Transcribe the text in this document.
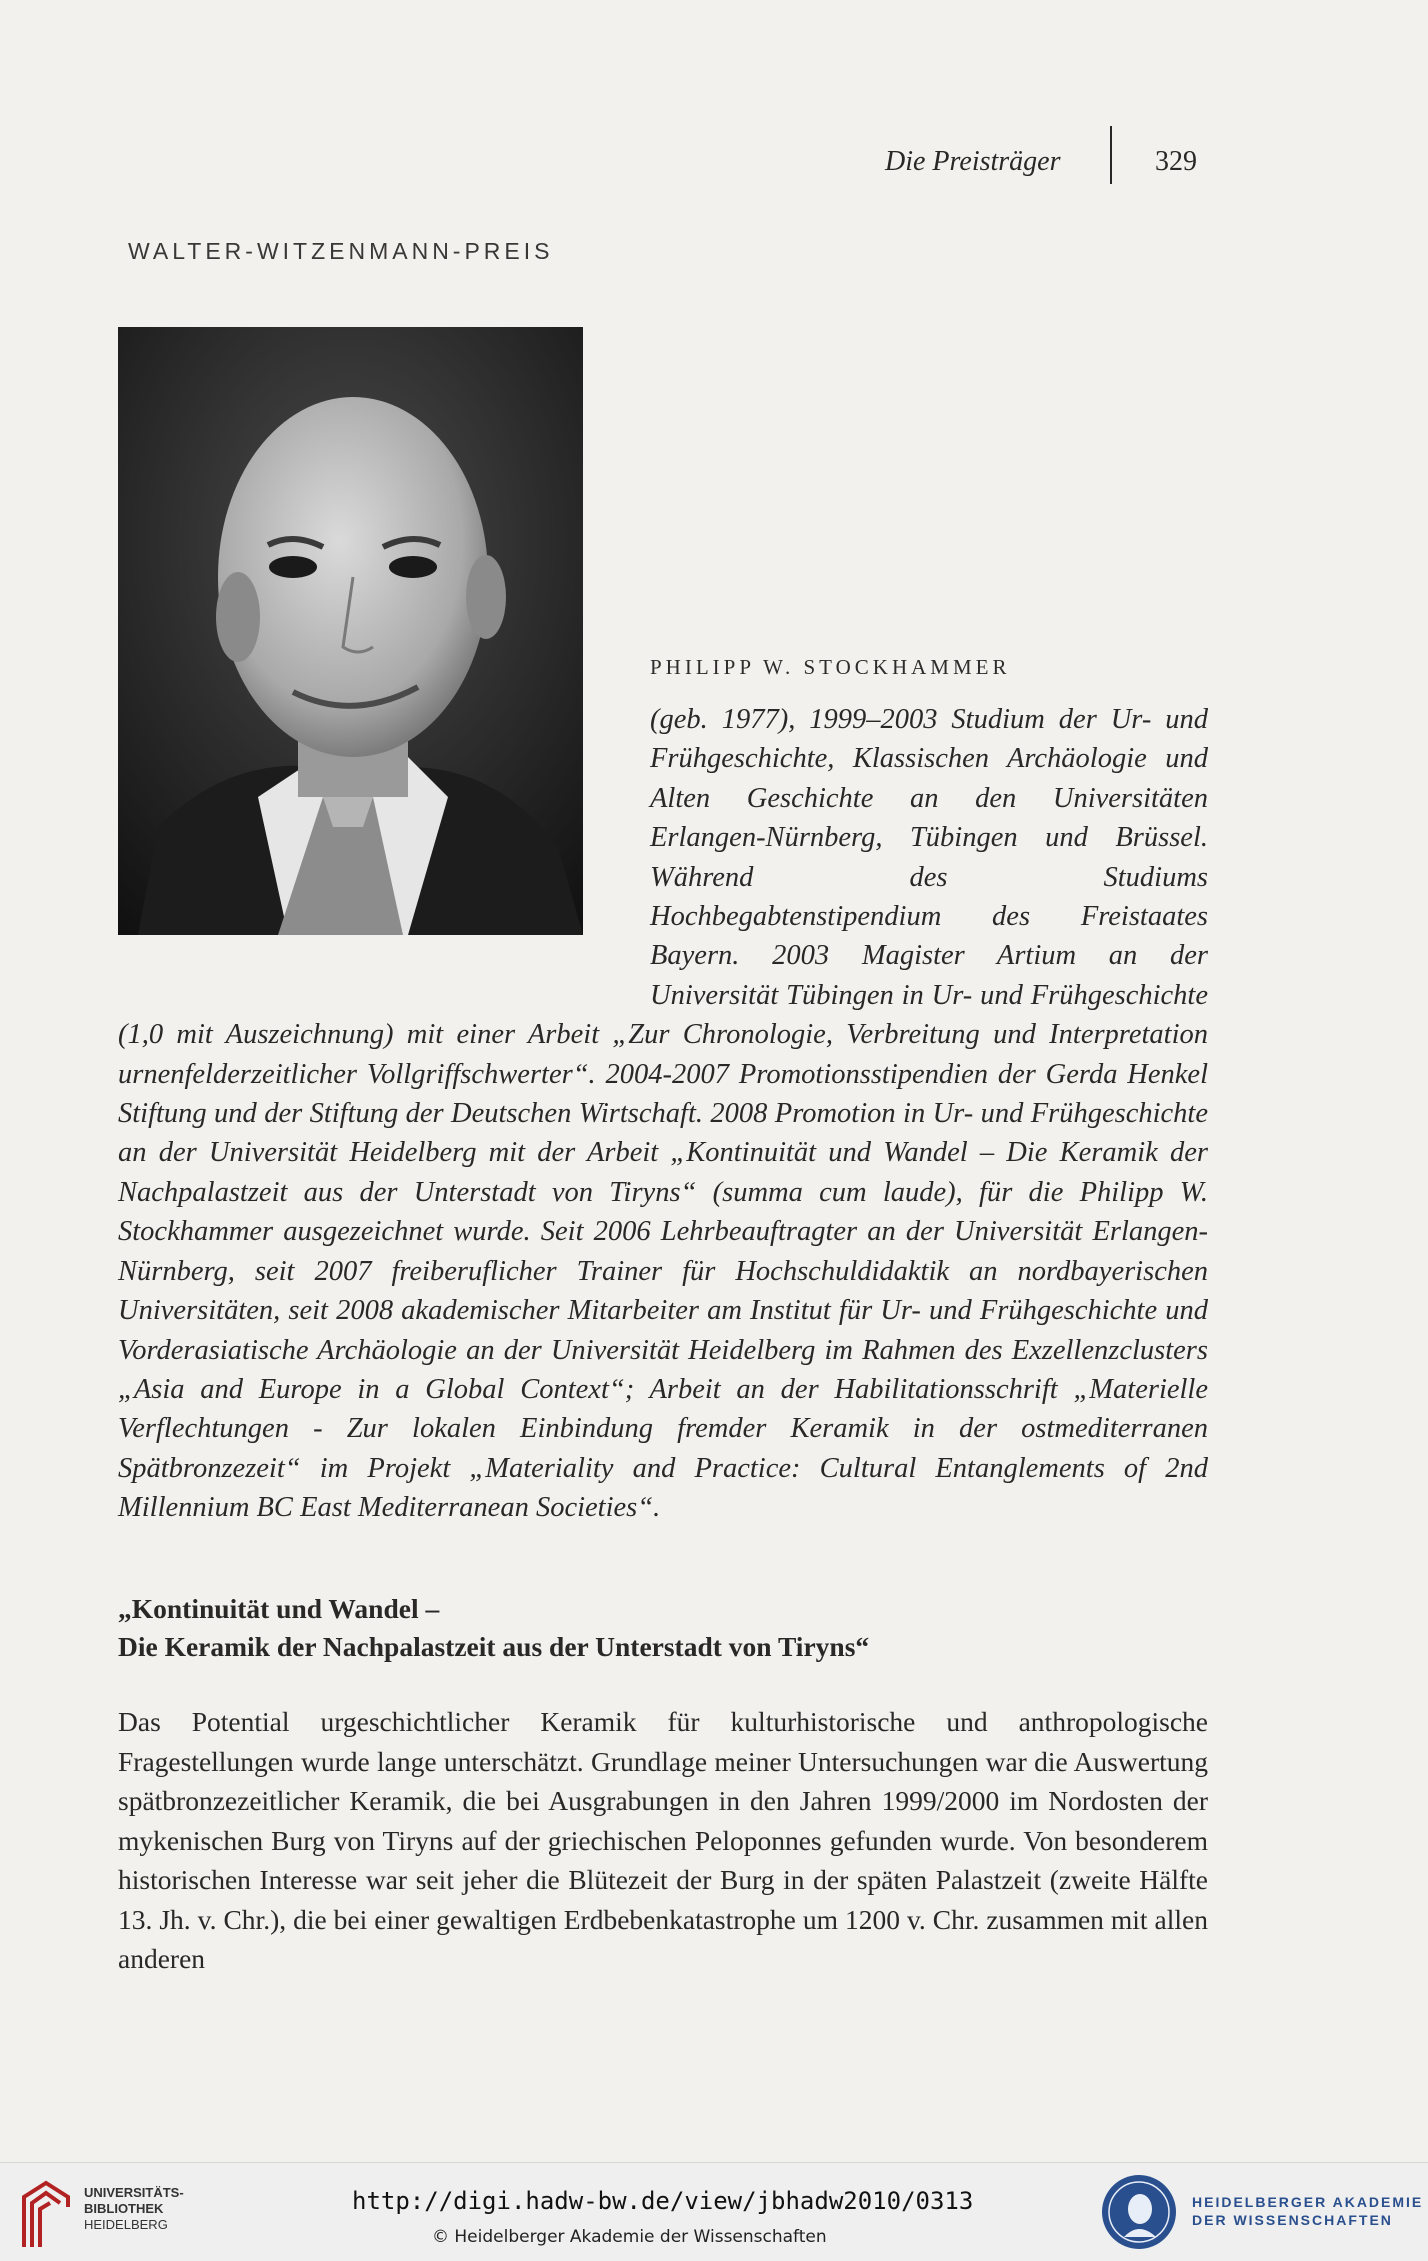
Die Preisträger	329
WALTER-WITZENMANN-PREIS
PHILIPP W. STOCKHAMMER

(geb. 1977), 1999–2003 Studium der Ur- und Frühgeschichte, Klassischen Archäologie und Alten Geschichte an den Universitäten Erlangen-Nürnberg, Tübingen und Brüssel. Während des Studiums Hochbegabtenstipendium des Freistaates Bayern. 2003 Magister Artium an der Universität Tübingen in Ur- und Frühgeschichte (1,0 mit Auszeichnung) mit einer Arbeit „Zur Chronologie, Verbreitung und Interpretation urnenfelderzeitlicher Vollgriffschwerter“. 2004-2007 Promotionsstipendien der Gerda Henkel Stiftung und der Stiftung der Deutschen Wirtschaft. 2008 Promotion in Ur- und Frühgeschichte an der Universität Heidelberg mit der Arbeit „Kontinuität und Wandel – Die Keramik der Nachpalastzeit aus der Unterstadt von Tiryns“ (summa cum laude), für die Philipp W. Stockhammer ausgezeichnet wurde. Seit 2006 Lehrbeauftragter an der Universität Erlangen-Nürnberg, seit 2007 freiberuflicher Trainer für Hochschuldidaktik an nordbayerischen Universitäten, seit 2008 akademischer Mitarbeiter am Institut für Ur- und Frühgeschichte und Vorderasiatische Archäologie an der Universität Heidelberg im Rahmen des Exzellenzclusters „Asia and Europe in a Global Context“; Arbeit an der Habilitationsschrift „Materielle Verflechtungen - Zur lokalen Einbindung fremder Keramik in der ostmediterranen Spätbronzezeit“ im Projekt „Materiality and Practice: Cultural Entanglements of 2nd Millennium BC East Mediterranean Societies“.

„Kontinuität und Wandel –
Die Keramik der Nachpalastzeit aus der Unterstadt von Tiryns“

Das Potential urgeschichtlicher Keramik für kulturhistorische und anthropologische Fragestellungen wurde lange unterschätzt. Grundlage meiner Untersuchungen war die Auswertung spätbronzezeitlicher Keramik, die bei Ausgrabungen in den Jahren 1999/2000 im Nordosten der mykenischen Burg von Tiryns auf der griechischen Peloponnes gefunden wurde. Von besonderem historischen Interesse war seit jeher die Blütezeit der Burg in der späten Palastzeit (zweite Hälfte 13. Jh. v. Chr.), die bei einer gewaltigen Erdbebenkatastrophe um 1200 v. Chr. zusammen mit allen anderen

UNIVERSITÄTS-
BIBLIOTHEK
HEIDELBERG
http://digi.hadw-bw.de/view/jbhadw2010/0313
© Heidelberger Akademie der Wissenschaften
HEIDELBERGER AKADEMIE
DER WISSENSCHAFTEN
